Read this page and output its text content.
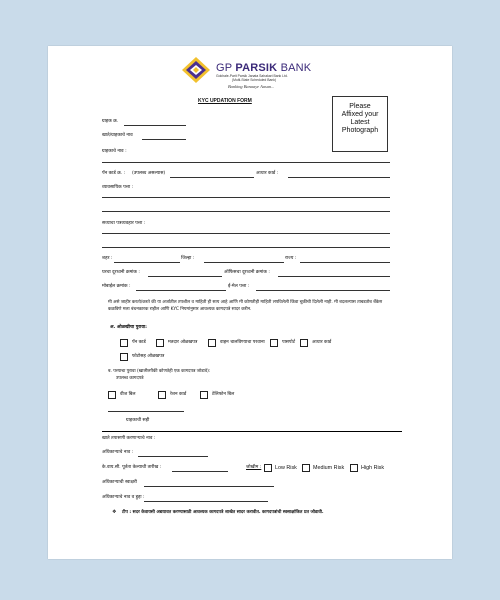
GP PARSIK BANK
Gokhale-Parit Parsik Janata Sahakari Bank Ltd.
(Multi-State Scheduled Bank)
Banking Banaaye Aasan...
KYC UPDATION FORM
Please
Affixed your
Latest
Photograph
ग्राहक क्र.
खाते/ग्राहकाचे नाव
ग्राहकाचे नाव :
पॅन कार्ड क्र. : (उपलब्ध असल्यास)	आधार कार्ड :
व्यावसायिक पत्ता :
सध्याचा पत्रव्यवहार पत्ता :
शहर :	जिल्हा :	राज्य :
घरचा दूरध्वनी क्रमांक :	ऑफिसचा दूरध्वनी क्रमांक :
मोबाईल क्रमांक :	ई-मेल पत्ता :
मी असे जाहीर करतो/करते की या अर्जातील तपशील व माहिती ही सत्य आहे आणि मी कोणतीही माहिती लपविलेली किंवा चुकीची दिलेली नाही. मी बदलल्यास ताबडतोब बँकेस कळविणे मला बंधनकारक राहील आणि KYC नियमांनुसार आवश्यक कागदपत्रे सादर करीन.
अ. ओळखीचा पुरावा:
पॅन कार्ड	मतदार ओळखपत्र	वाहन चालविण्याचा परवाना	पासपोर्ट	आधार कार्ड
फोटोसह ओळखपत्र
ब. पत्त्याचा पुरावा (खालीलपैकी कोणतेही एक कागदपत्र जोडावे):
उपलब्ध कागदपत्रे
वीज बिल	रेशन कार्ड	टेलिफोन बिल
ग्राहकाची सही
खाते तपासणी करणाऱ्याचे नाव :
अधिकाऱ्याचे नाव :
के.वाय.सी. पूर्तता केल्याची तारीख :	जोखीम :	Low Risk	Medium Risk	High Risk
अधिकाऱ्याची स्वाक्षरी
अधिकाऱ्याचे नाव व हुद्दा :
❖ टीप : सदर केवायसी अद्ययावत करण्यासाठी आवश्यक कागदपत्रे शाखेत सादर करावीत. कागदपत्रांची स्वसाक्षांकित प्रत जोडावी.
